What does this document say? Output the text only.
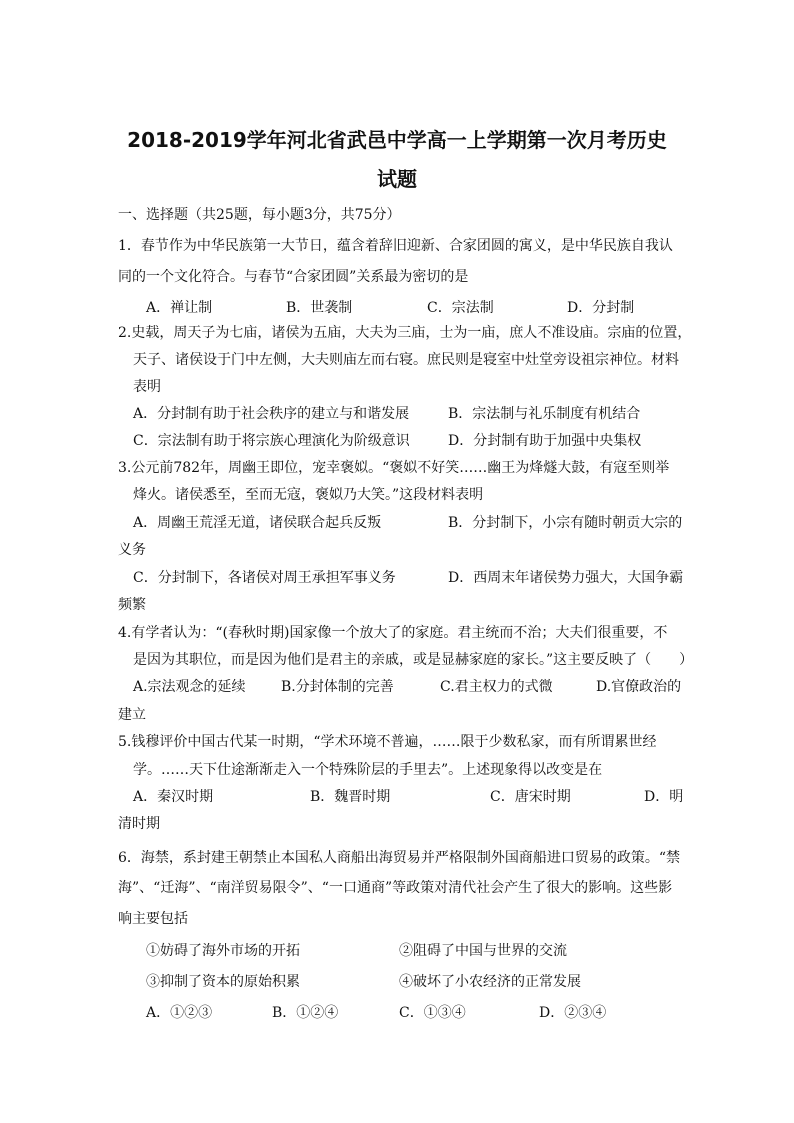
2018-2019学年河北省武邑中学高一上学期第一次月考历史
试题
一、选择题（共25题，每小题3分，共75分）
1．春节作为中华民族第一大节日，蕴含着辞旧迎新、合家团圆的寓义，是中华民族自我认
同的一个文化符合。与春节“合家团圆”关系最为密切的是
A．禅让制	B．世袭制	C．宗法制	D．分封制
2.史载，周天子为七庙，诸侯为五庙，大夫为三庙，士为一庙，庶人不准设庙。宗庙的位置，
天子、诸侯设于门中左侧，大夫则庙左而右寝。庶民则是寝室中灶堂旁设祖宗神位。材料
表明
A．分封制有助于社会秩序的建立与和谐发展	B．宗法制与礼乐制度有机结合
C．宗法制有助于将宗族心理演化为阶级意识	D．分封制有助于加强中央集权
3.公元前782年，周幽王即位，宠幸褒姒。“褒姒不好笑……幽王为烽燧大鼓，有寇至则举
烽火。诸侯悉至，至而无寇，褒姒乃大笑。”这段材料表明
A．周幽王荒淫无道，诸侯联合起兵反叛	B．分封制下，小宗有随时朝贡大宗的
义务
C．分封制下，各诸侯对周王承担军事义务	D．西周末年诸侯势力强大，大国争霸
频繁
4.有学者认为：“(春秋时期)国家像一个放大了的家庭。君主统而不治；大夫们很重要，不
是因为其职位，而是因为他们是君主的亲戚，或是显赫家庭的家长。”这主要反映了（　　）
A.宗法观念的延续	B.分封体制的完善	C.君主权力的式微	D.官僚政治的
建立
5.钱穆评价中国古代某一时期，“学术环境不普遍，……限于少数私家，而有所谓累世经
学。……天下仕途渐渐走入一个特殊阶层的手里去”。上述现象得以改变是在
A．秦汉时期	B．魏晋时期	C．唐宋时期	D．明
清时期
6．海禁，系封建王朝禁止本国私人商船出海贸易并严格限制外国商船进口贸易的政策。“禁
海”、“迁海”、“南洋贸易限令”、“一口通商”等政策对清代社会产生了很大的影响。这些影
响主要包括
①妨碍了海外市场的开拓	②阻碍了中国与世界的交流
③抑制了资本的原始积累	④破坏了小农经济的正常发展
A．①②③	B．①②④	C．①③④	D．②③④
